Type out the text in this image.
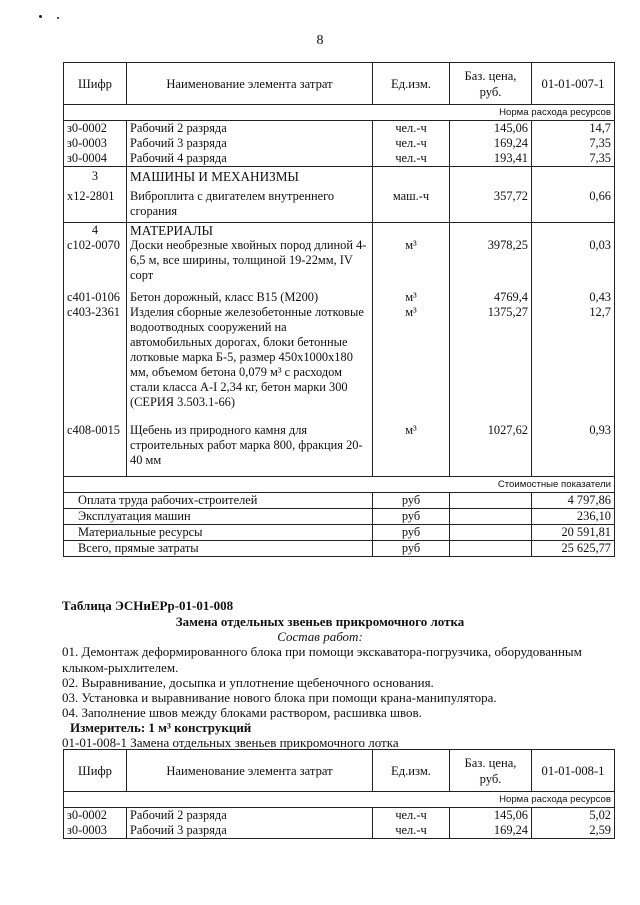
8
Шифр	Наименование элемента затрат	Ед.изм.	Баз. цена, руб.	01-01-007-1
Норма расхода ресурсов				
з0-0002	Рабочий 2 разряда	чел.-ч	145,06	14,7
з0-0003	Рабочий 3 разряда	чел.-ч	169,24	7,35
з0-0004	Рабочий 4 разряда	чел.-ч	193,41	7,35
3	МАШИНЫ И МЕХАНИЗМЫ			
х12-2801	Виброплита с двигателем внутреннего сгорания	маш.-ч	357,72	0,66
4	МАТЕРИАЛЫ			
с102-0070	Доски необрезные хвойных пород длиной 4-6,5 м, все ширины, толщиной 19-22мм, IV сорт	м³	3978,25	0,03
с401-0106	Бетон дорожный, класс B15 (M200)	м³	4769,4	0,43
с403-2361	Изделия сборные железобетонные лотковые водоотводных сооружений на автомобильных дорогах, блоки бетонные лотковые марка Б-5, размер 450х1000х180 мм, объемом бетона 0,079 м³ с расходом стали класса А-I 2,34 кг, бетон марки 300 (СЕРИЯ 3.503.1-66)	м³	1375,27	12,7
с408-0015	Щебень из природного камня для строительных работ марка 800, фракция 20-40 мм	м³	1027,62	0,93
Стоимостные показатели				
Оплата труда рабочих-строителей		руб		4 797,86
Эксплуатация машин		руб		236,10
Материальные ресурсы		руб		20 591,81
Всего, прямые затраты		руб		25 625,77
Таблица ЭСНиЕРр-01-01-008
Замена отдельных звеньев прикромочного лотка
Состав работ:
01. Демонтаж деформированного блока при помощи экскаватора-погрузчика, оборудованным клыком-рыхлителем.
02. Выравнивание, досыпка и уплотнение щебеночного основания.
03. Установка и выравнивание нового блока при помощи крана-манипулятора.
04. Заполнение швов между блоками раствором, расшивка швов.
Измеритель: 1 м³ конструкций
01-01-008-1 Замена отдельных звеньев прикромочного лотка
Шифр	Наименование элемента затрат	Ед.изм.	Баз. цена, руб.	01-01-008-1
Норма расхода ресурсов				
з0-0002	Рабочий 2 разряда	чел.-ч	145,06	5,02
з0-0003	Рабочий 3 разряда	чел.-ч	169,24	2,59
